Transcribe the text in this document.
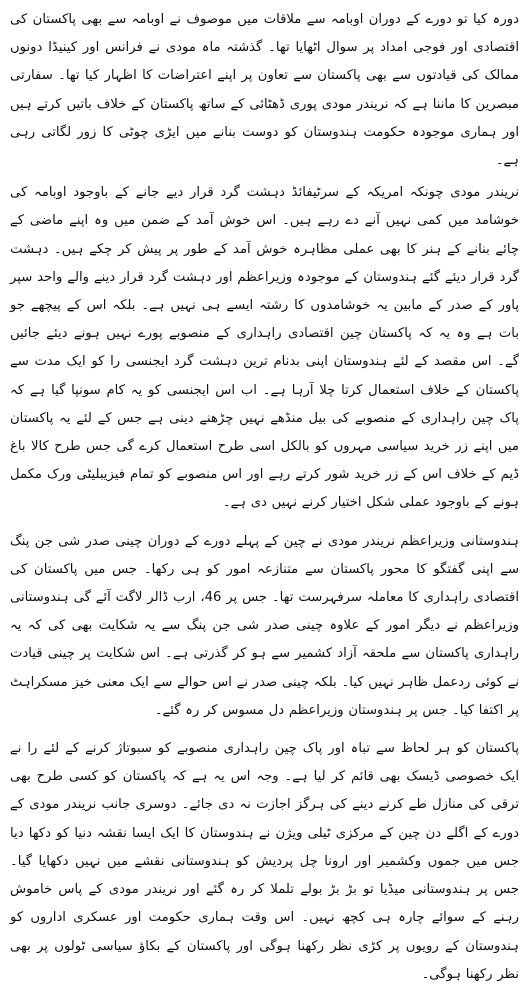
دورہ کیا تو دورے کے دوران اوبامہ سے ملاقات میں موصوف نے اوبامہ سے بھی پاکستان کی اقتصادی اور فوجی امداد پر سوال اٹھایا تھا۔ گذشتہ ماہ مودی نے فرانس اور کینیڈا دونوں ممالک کی قیادتوں سے بھی پاکستان سے تعاون پر اپنے اعتراضات کا اظہار کیا تھا۔ سفارتی مبصرین کا ماننا ہے کہ نریندر مودی پوری ڈھٹائی کے ساتھ پاکستان کے خلاف باتیں کرتے ہیں اور ہماری موجودہ حکومت ہندوستان کو دوست بنانے میں ایڑی چوٹی کا زور لگاتی رہی ہے۔

نریندر مودی چونکہ امریکہ کے سرٹیفائڈ دہشت گرد قرار دیے جانے کے باوجود اوبامہ کی خوشامد میں کمی نہیں آنے دے رہے ہیں۔ اس خوش آمد کے ضمن میں وہ اپنے ماضی کے چائے بنانے کے ہنر کا بھی عملی مظاہرہ خوش آمد کے طور پر پیش کر چکے ہیں۔ دہشت گرد قرار دیئے گئے ہندوستان کے موجودہ وزیراعظم اور دہشت گرد قرار دینے والے واحد سپر پاور کے صدر کے مابین یہ خوشامدوں کا رشتہ ایسے ہی نہیں ہے۔ بلکہ اس کے پیچھے جو بات ہے وہ یہ کہ پاکستان چین اقتصادی راہداری کے منصوبے پورے نہیں ہونے دیئے جائیں گے۔ اس مقصد کے لئے ہندوستان اپنی بدنام ترین دہشت گرد ایجنسی را کو ایک مدت سے پاکستان کے خلاف استعمال کرتا چلا آرہا ہے۔ اب اس ایجنسی کو یہ کام سونپا گیا ہے کہ پاک چین راہداری کے منصوبے کی بیل منڈھے نہیں چڑھنے دینی ہے جس کے لئے یہ پاکستان میں اپنے زر خرید سیاسی مہروں کو بالکل اسی طرح استعمال کرے گی جس طرح کالا باغ ڈیم کے خلاف اس کے زر خرید شور کرتے رہے اور اس منصوبے کو تمام فیزیبلیٹی ورک مکمل ہونے کے باوجود عملی شکل اختیار کرنے نہیں دی ہے۔

ہندوستانی وزیراعظم نریندر مودی نے چین کے پہلے دورے کے دوران چینی صدر شی جن پنگ سے اپنی گفتگو کا محور پاکستان سے متنازعہ امور کو ہی رکھا۔ جس میں پاکستان کی اقتصادی راہداری کا معاملہ سرفہرست تھا۔ جس پر 46، ارب ڈالر لاگت آئے گی ہندوستانی وزیراعظم نے دیگر امور کے علاوہ چینی صدر شی جن پنگ سے یہ شکایت بھی کی کہ یہ راہداری پاکستان سے ملحقہ آزاد کشمیر سے ہو کر گذرتی ہے۔ اس شکایت پر چینی قیادت نے کوئی ردعمل ظاہر نہیں کیا۔ بلکہ چینی صدر نے اس حوالے سے ایک معنی خیز مسکراہٹ پر اکتفا کیا۔ جس پر ہندوستان وزیراعظم دل مسوس کر رہ گئے۔

پاکستان کو ہر لحاظ سے تباہ اور پاک چین راہداری منصوبے کو سبوتاژ کرنے کے لئے را نے ایک خصوصی ڈیسک بھی قائم کر لیا ہے۔ وجہ اس یہ ہے کہ پاکستان کو کسی طرح بھی ترقی کی منازل طے کرنے دینے کی ہرگز اجازت نہ دی جائے۔ دوسری جانب نریندر مودی کے دورے کے اگلے دن چین کے مرکزی ٹیلی ویژن نے ہندوستان کا ایک ایسا نقشہ دنیا کو دکھا دیا جس میں جموں وکشمیر اور ارونا چل پردیش کو ہندوستانی نقشے میں نہیں دکھایا گیا۔ جس پر ہندوستانی میڈیا تو بڑ بڑ بولے تلملا کر رہ گئے اور نریندر مودی کے پاس خاموش رہنے کے سوائے چارہ ہی کچھ نہیں۔ اس وقت ہماری حکومت اور عسکری اداروں کو ہندوستان کے رویوں پر کڑی نظر رکھنا ہوگی اور پاکستان کے بکاؤ سیاسی ٹولوں پر بھی نظر رکھنا ہوگی۔
